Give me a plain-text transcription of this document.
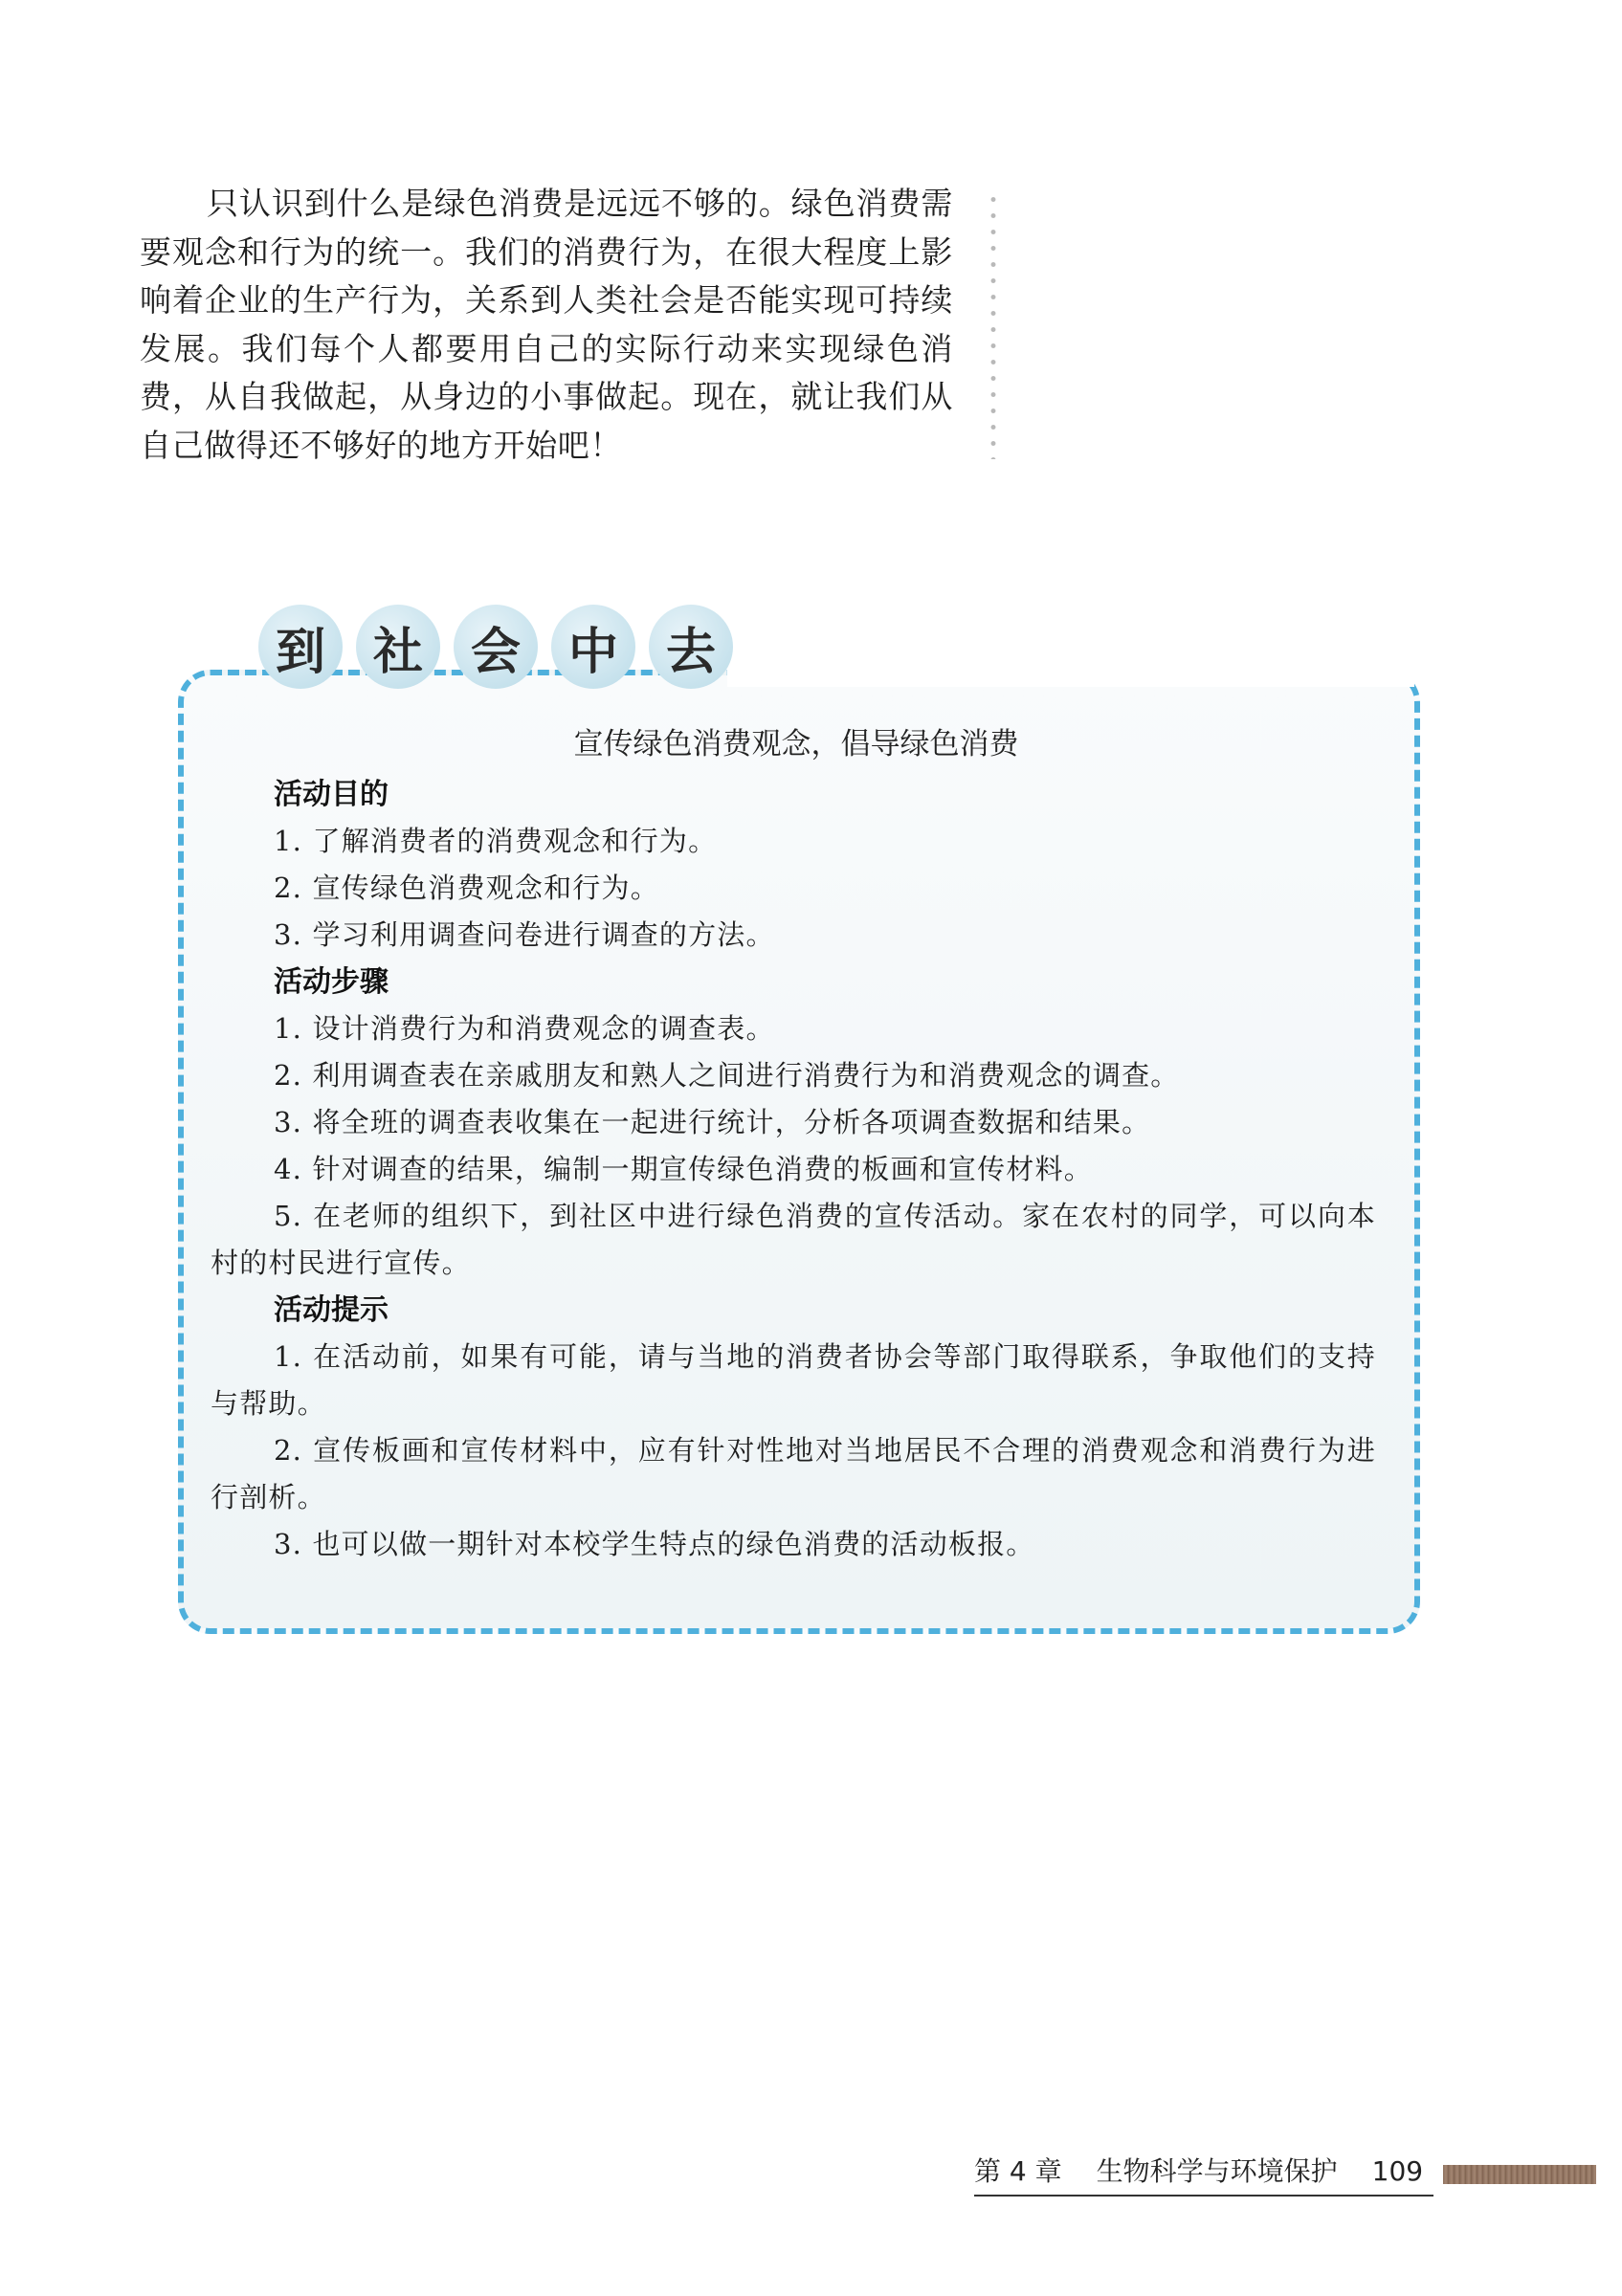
只认识到什么是绿色消费是远远不够的。绿色消费需要观念和行为的统一。我们的消费行为，在很大程度上影响着企业的生产行为，关系到人类社会是否能实现可持续发展。我们每个人都要用自己的实际行动来实现绿色消费，从自我做起，从身边的小事做起。现在，就让我们从自己做得还不够好的地方开始吧！

到 社 会 中 去
宣传绿色消费观念，倡导绿色消费
活动目的

1. 了解消费者的消费观念和行为。

2. 宣传绿色消费观念和行为。

3. 学习利用调查问卷进行调查的方法。

活动步骤

1. 设计消费行为和消费观念的调查表。

2. 利用调查表在亲戚朋友和熟人之间进行消费行为和消费观念的调查。

3. 将全班的调查表收集在一起进行统计，分析各项调查数据和结果。

4. 针对调查的结果，编制一期宣传绿色消费的板画和宣传材料。

5. 在老师的组织下，到社区中进行绿色消费的宣传活动。家在农村的同学，可以向本村的村民进行宣传。

活动提示

1. 在活动前，如果有可能，请与当地的消费者协会等部门取得联系，争取他们的支持与帮助。

2. 宣传板画和宣传材料中，应有针对性地对当地居民不合理的消费观念和消费行为进行剖析。

3. 也可以做一期针对本校学生特点的绿色消费的活动板报。

第 4 章 生物科学与环境保护 109
